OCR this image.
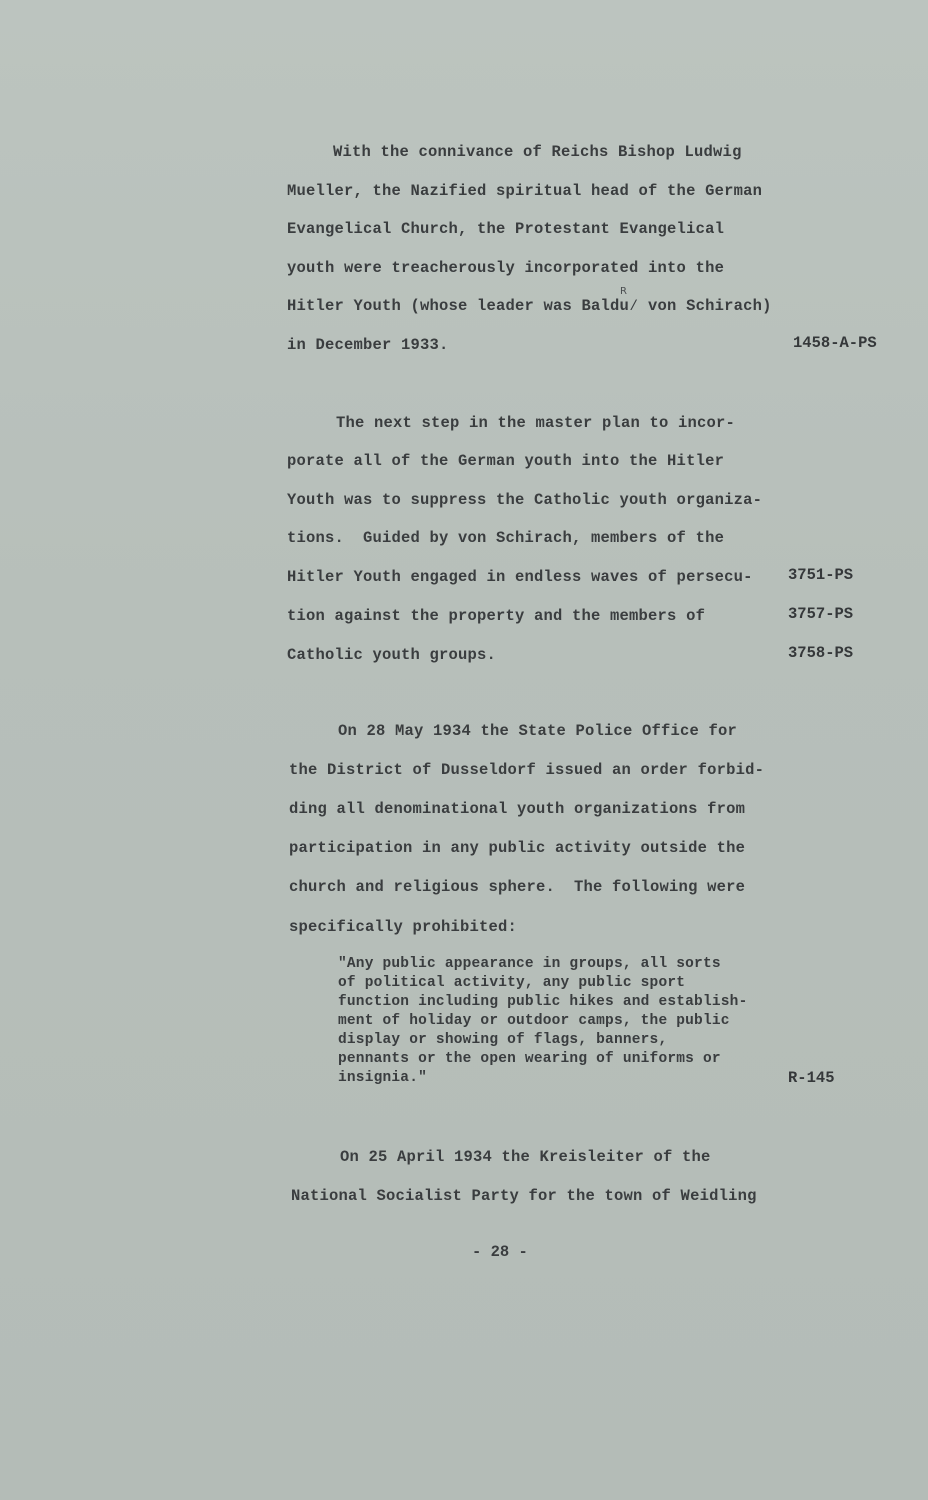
With the connivance of Reichs Bishop Ludwig
Mueller, the Nazified spiritual head of the German
Evangelical Church, the Protestant Evangelical
youth were treacherously incorporated into the
Hitler Youth (whose leader was Baldu⁄ von Schirach)
R
in December 1933.	1458-A-PS
The next step in the master plan to incor-
porate all of the German youth into the Hitler
Youth was to suppress the Catholic youth organiza-
tions.  Guided by von Schirach, members of the
Hitler Youth engaged in endless waves of persecu- 3751-PS
tion against the property and the members of	3757-PS
Catholic youth groups.	3758-PS
On 28 May 1934 the State Police Office for
the District of Dusseldorf issued an order forbid-
ding all denominational youth organizations from
participation in any public activity outside the
church and religious sphere.  The following were
specifically prohibited:
"Any public appearance in groups, all sorts
of political activity, any public sport
function including public hikes and establish-
ment of holiday or outdoor camps, the public
display or showing of flags, banners,
pennants or the open wearing of uniforms or
insignia."	R-145
On 25 April 1934 the Kreisleiter of the
National Socialist Party for the town of Weidling
- 28 -
